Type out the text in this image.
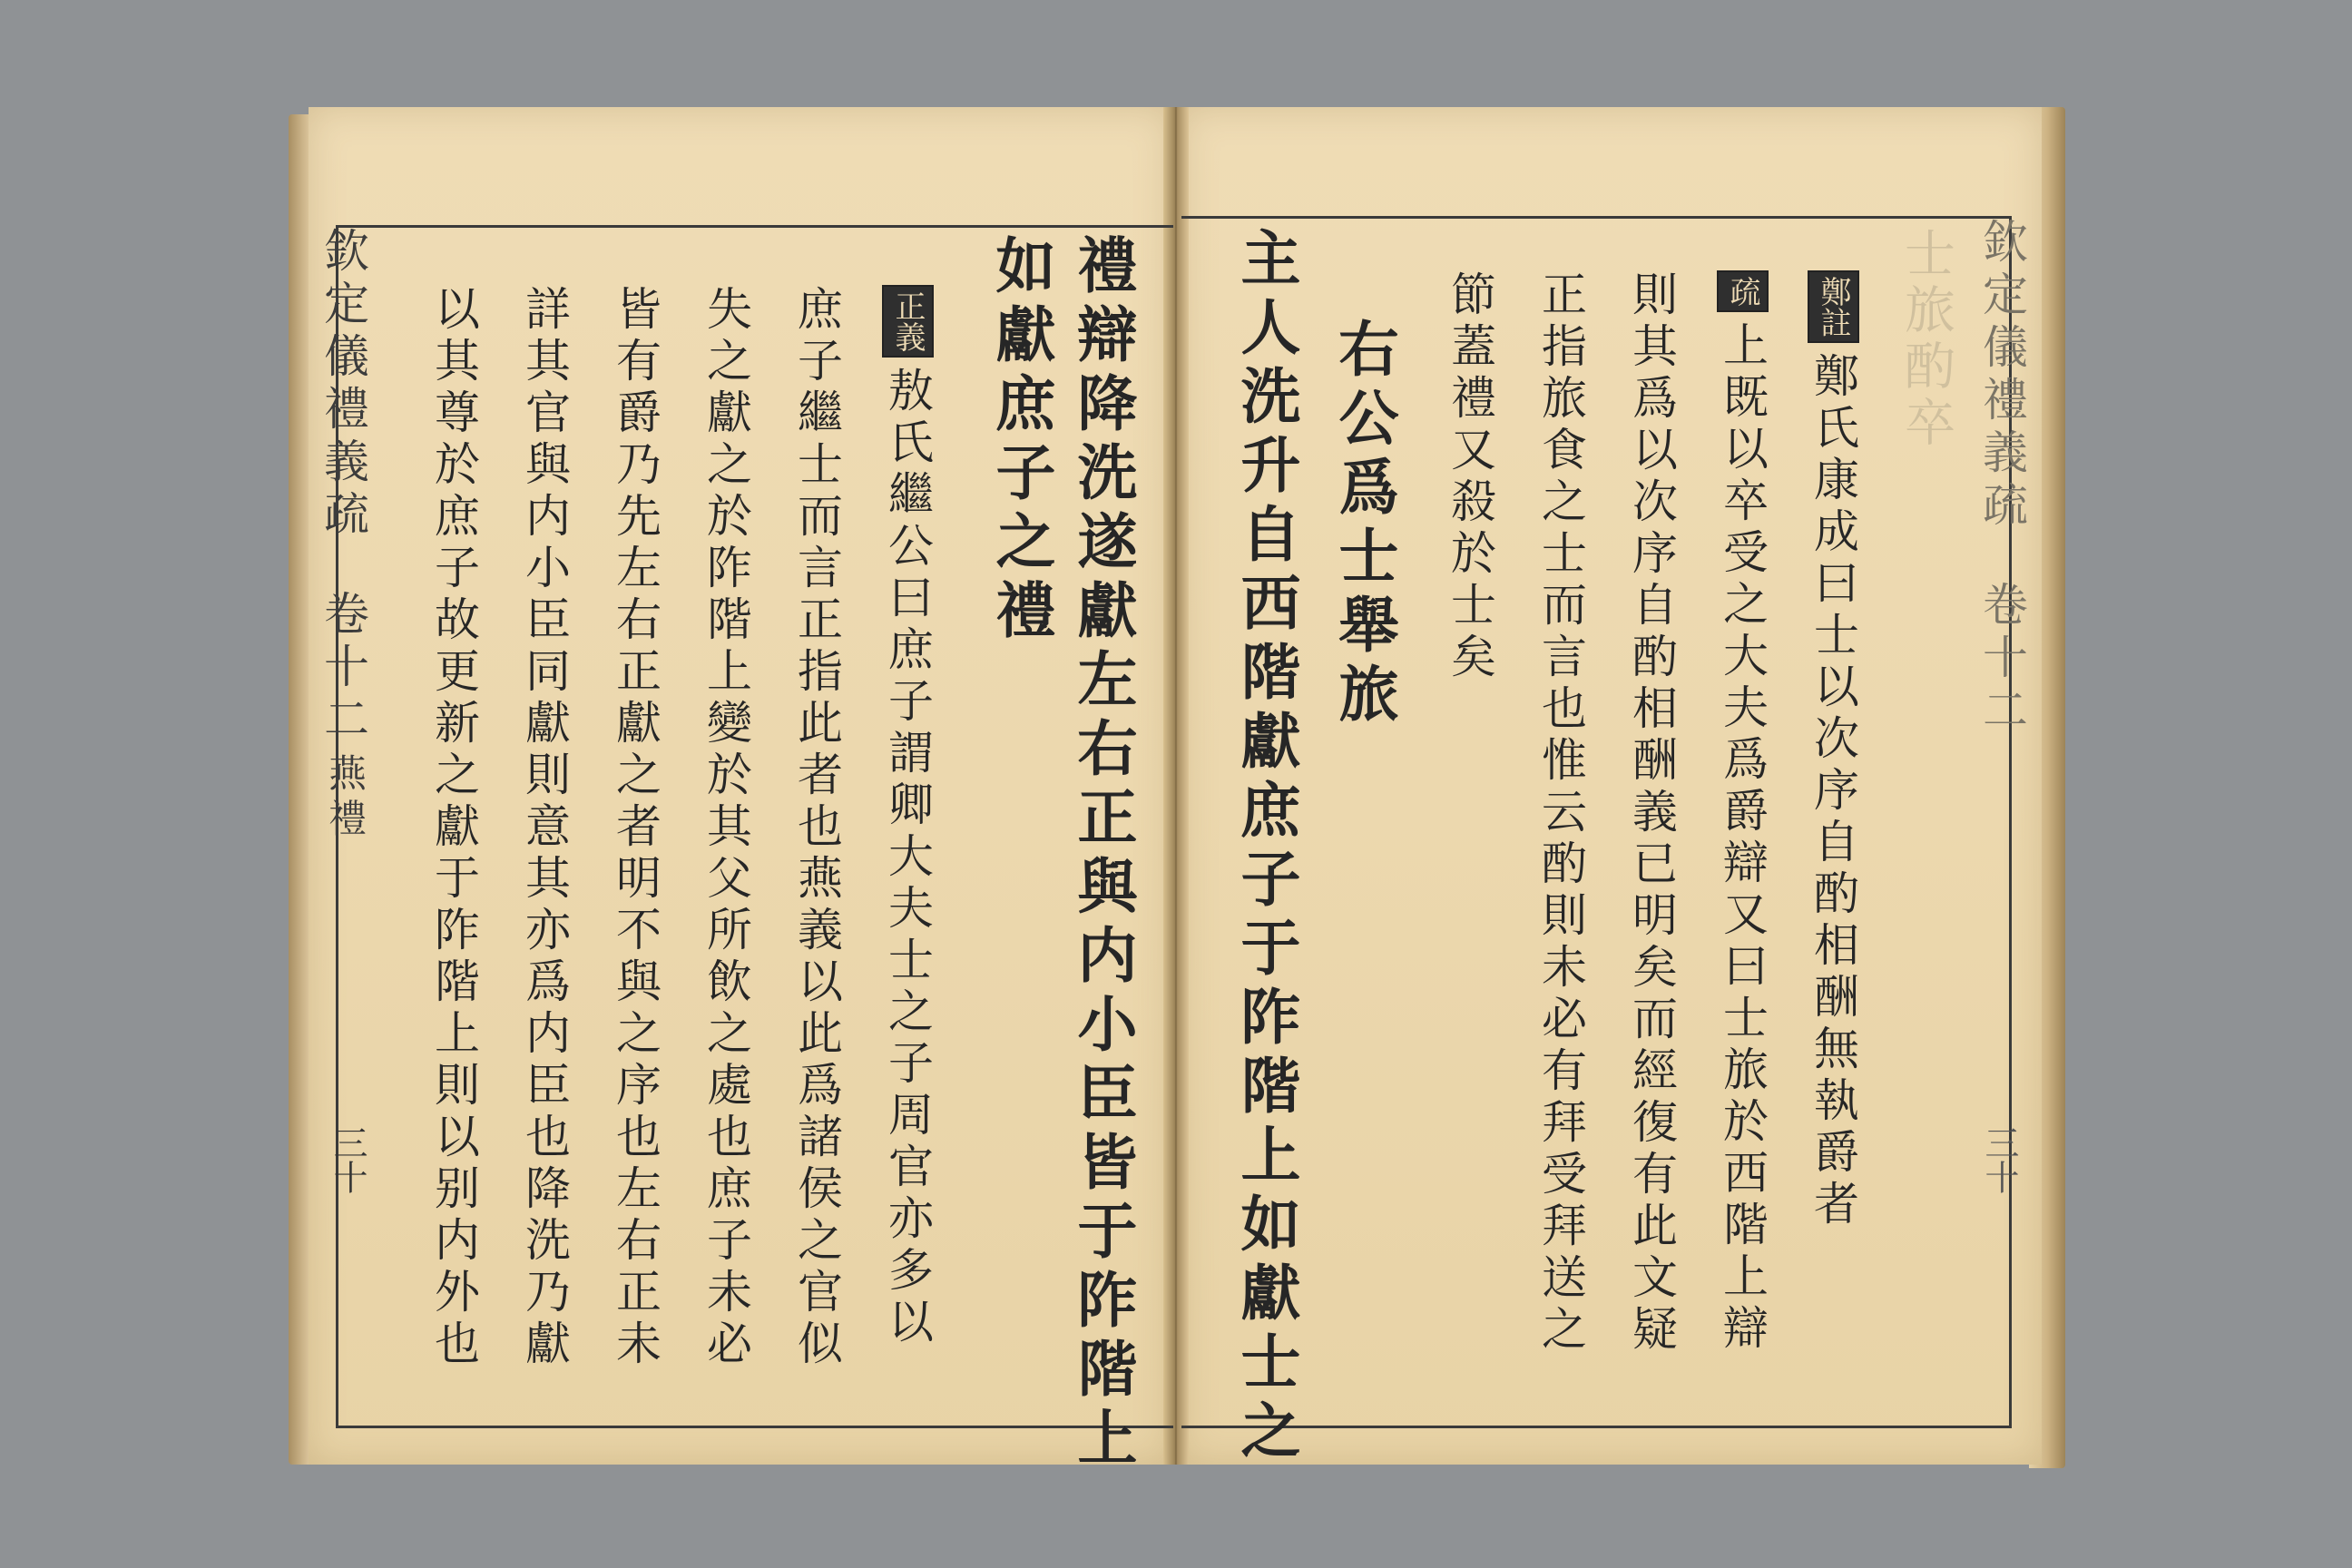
欽定儀禮義疏
卷十二
燕禮
三十	禮辯降洗遂獻左右正與内小臣皆于阼階上
如獻庶子之禮
正義敖氏繼公曰庶子謂卿大夫士之子周官亦多以
庶子繼士而言正指此者也燕義以此爲諸侯之官似
失之獻之於阼階上變於其父所飲之處也庶子未必
皆有爵乃先左右正獻之者明不與之序也左右正未
詳其官與内小臣同獻則意其亦爲内臣也降洗乃獻
以其尊於庶子故更新之獻于阼階上則以别内外也	欽定儀禮義疏
卷十二
三十
士旅酌卒
鄭註鄭氏康成曰士以次序自酌相酬無執爵者
疏上既以卒受之大夫爲爵辯又曰士旅於西階上辯
則其爲以次序自酌相酬義已明矣而經復有此文疑
正指旅食之士而言也惟云酌則未必有拜受拜送之
節蓋禮又殺於士矣
右公爲士舉旅
主人洗升自西階獻庶子于阼階上如獻士之
